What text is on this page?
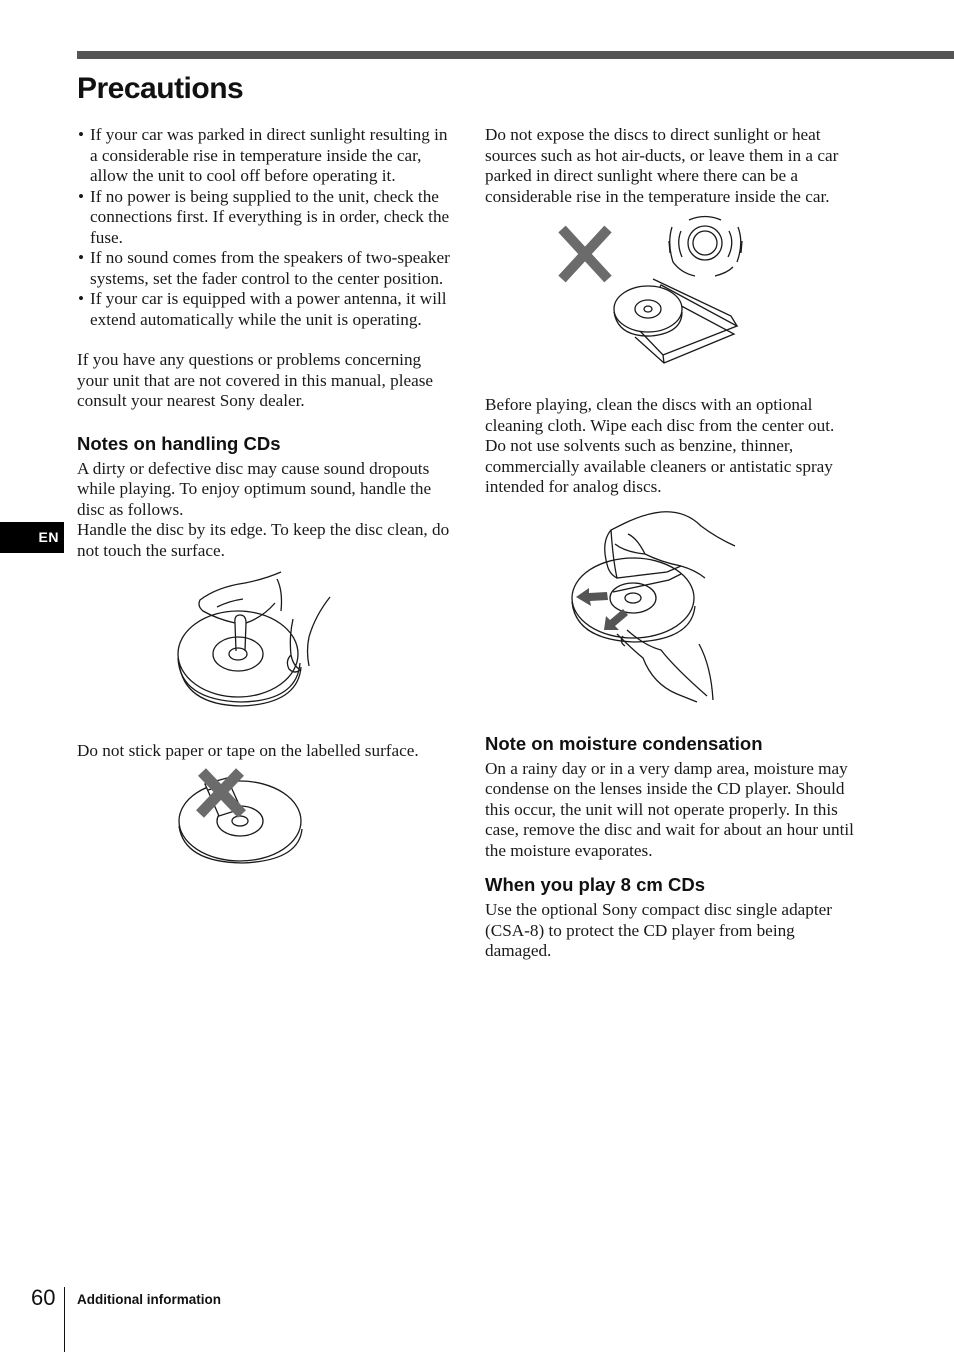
Precautions
EN
• If your car was parked in direct sunlight resulting in a considerable rise in temperature inside the car, allow the unit to cool off before operating it.
• If no power is being supplied to the unit, check the connections first. If everything is in order, check the fuse.
• If no sound comes from the speakers of two-speaker systems, set the fader control to the center position.
• If your car is equipped with a power antenna, it will extend automatically while the unit is operating.

If you have any questions or problems concerning your unit that are not covered in this manual, please consult your nearest Sony dealer.

Notes on handling CDs

A dirty or defective disc may cause sound dropouts while playing. To enjoy optimum sound, handle the disc as follows.

Handle the disc by its edge. To keep the disc clean, do not touch the surface.

Do not stick paper or tape on the labelled surface.

Do not expose the discs to direct sunlight or heat sources such as hot air-ducts, or leave them in a car parked in direct sunlight where there can be a considerable rise in the temperature inside the car.

Before playing, clean the discs with an optional cleaning cloth. Wipe each disc from the center out.

Do not use solvents such as benzine, thinner, commercially available cleaners or antistatic spray intended for analog discs.

Note on moisture condensation

On a rainy day or in a very damp area, moisture may condense on the lenses inside the CD player. Should this occur, the unit will not operate properly. In this case, remove the disc and wait for about an hour until the moisture evaporates.

When you play 8 cm CDs

Use the optional Sony compact disc single adapter (CSA-8) to protect the CD player from being damaged.

60 Additional information
